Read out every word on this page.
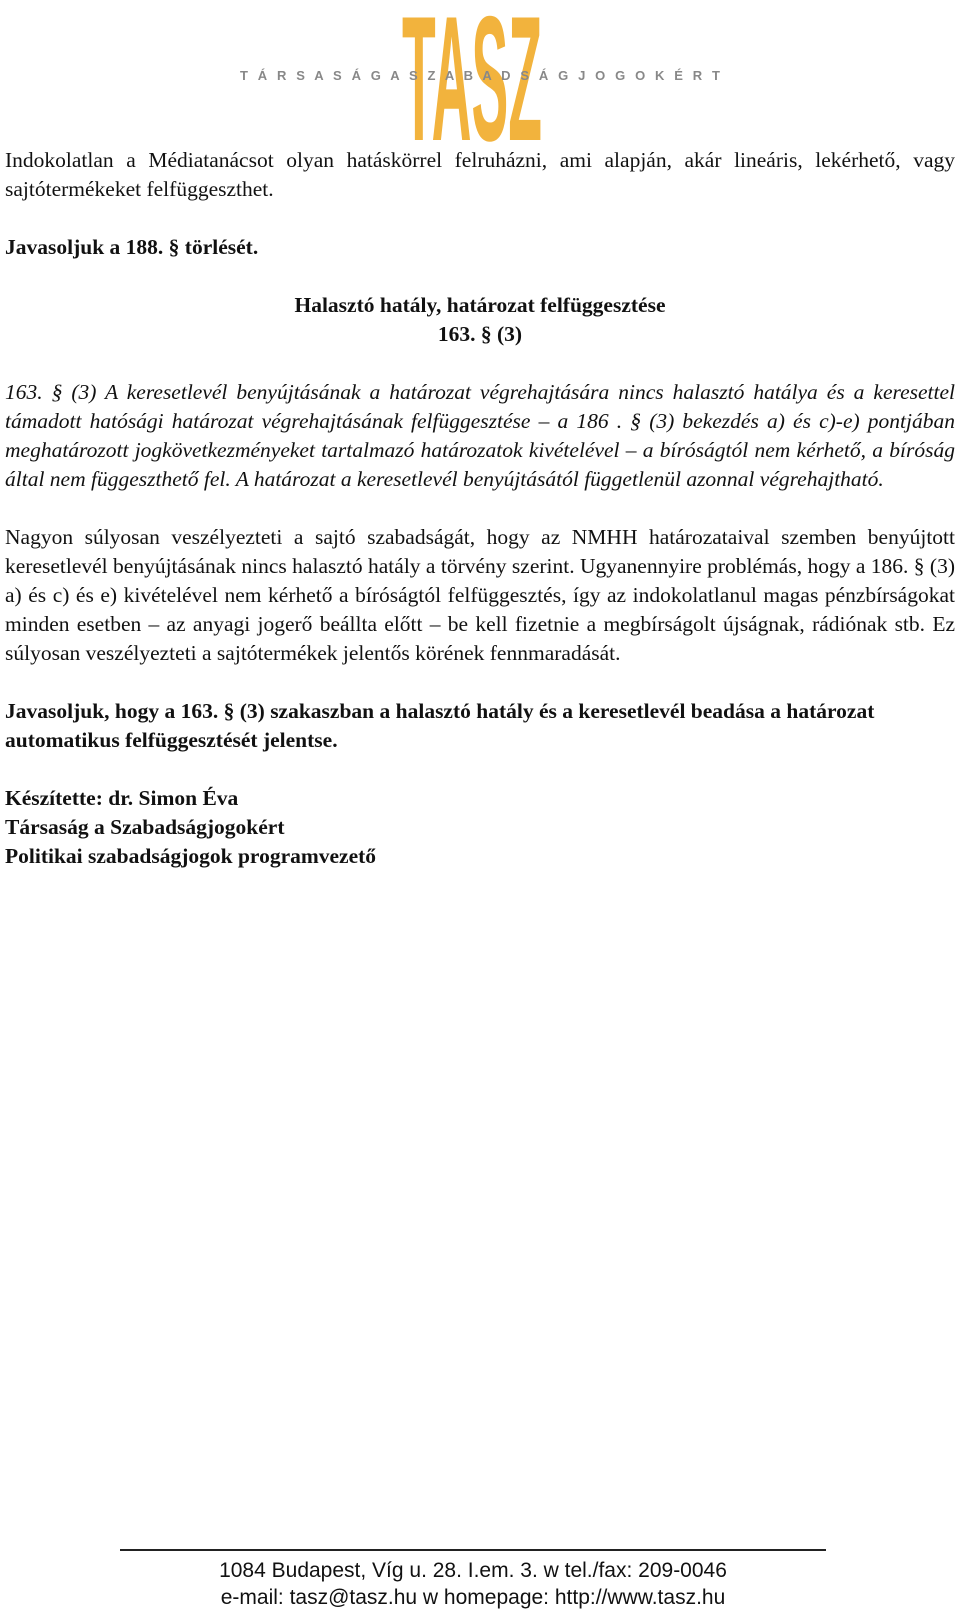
TASZ
T Á R S A S Á G A S Z A B A D S Á G J O G O K É R T

Indokolatlan a Médiatanácsot olyan hatáskörrel felruházni, ami alapján, akár lineáris, lekérhető, vagy sajtótermékeket felfüggeszthet.

Javasoljuk a 188. § törlését.

Halasztó hatály, határozat felfüggesztése

163. § (3)

163. § (3) A keresetlevél benyújtásának a határozat végrehajtására nincs halasztó hatálya és a keresettel támadott hatósági határozat végrehajtásának felfüggesztése – a 186 . § (3) bekezdés a) és c)-e) pontjában meghatározott jogkövetkezményeket tartalmazó határozatok kivételével – a bíróságtól nem kérhető, a bíróság által nem függeszthető fel. A határozat a keresetlevél benyújtásától függetlenül azonnal végrehajtható.

Nagyon súlyosan veszélyezteti a sajtó szabadságát, hogy az NMHH határozataival szemben benyújtott keresetlevél benyújtásának nincs halasztó hatály a törvény szerint. Ugyanennyire problémás, hogy a 186. § (3) a) és c) és e) kivételével nem kérhető a bíróságtól felfüggesztés, így az indokolatlanul magas pénzbírságokat minden esetben – az anyagi jogerő beállta előtt – be kell fizetnie a megbírságolt újságnak, rádiónak stb. Ez súlyosan veszélyezteti a sajtótermékek jelentős körének fennmaradását.

Javasoljuk, hogy a 163. § (3) szakaszban a halasztó hatály és a keresetlevél beadása a határozat automatikus felfüggesztését jelentse.

Készítette: dr. Simon Éva

Társaság a Szabadságjogokért

Politikai szabadságjogok programvezető

1084 Budapest, Víg u. 28. I.em. 3. w tel./fax: 209-0046
e-mail: tasz@tasz.hu w homepage: http://www.tasz.hu
